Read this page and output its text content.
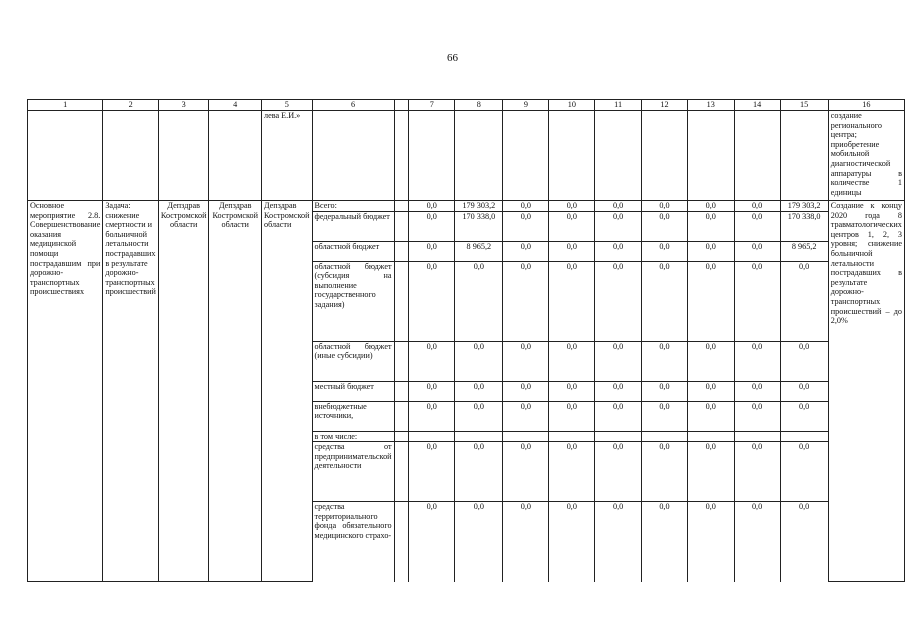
66
1	2	3	4	5	6		7	8	9	10	11	12	13	14	15	16
				лева Е.И.»												создание регионального центра; приобретение мобильной диагностической аппаратуры в количестве 1 единицы
Основное мероприятие 2.8. Совершенствование оказания медицинской помощи пострадавшим при дорожно-транспортных происшествиях	Задача: снижение смертности и больничной летальности пострадавших в результате дорожно-транспортных происшествий	Депздрав Костромской области	Депздрав Костромской области	Депздрав Костромской области	Всего:		0,0	179 303,2	0,0	0,0	0,0	0,0	0,0	0,0	179 303,2	Создание к концу 2020 года 8 травматологических центров 1, 2, 3 уровня; снижение больничной летальности пострадавших в результате дорожно-транспортных происшествий – до 2,0%
					федеральный бюджет		0,0	170 338,0	0,0	0,0	0,0	0,0	0,0	0,0	170 338,0	
					областной бюджет		0,0	8 965,2	0,0	0,0	0,0	0,0	0,0	0,0	8 965,2	
					областной бюджет (субсидия на выполнение государственного задания)		0,0	0,0	0,0	0,0	0,0	0,0	0,0	0,0	0,0	
					областной бюджет (иные субсидии)		0,0	0,0	0,0	0,0	0,0	0,0	0,0	0,0	0,0	
					местный бюджет		0,0	0,0	0,0	0,0	0,0	0,0	0,0	0,0	0,0	
					внебюджетные источники,		0,0	0,0	0,0	0,0	0,0	0,0	0,0	0,0	0,0	
					в том числе:											
					средства от предпринимательской деятельности		0,0	0,0	0,0	0,0	0,0	0,0	0,0	0,0	0,0	
					средства территориального фонда обязательного медицинского страхо-		0,0	0,0	0,0	0,0	0,0	0,0	0,0	0,0	0,0	
